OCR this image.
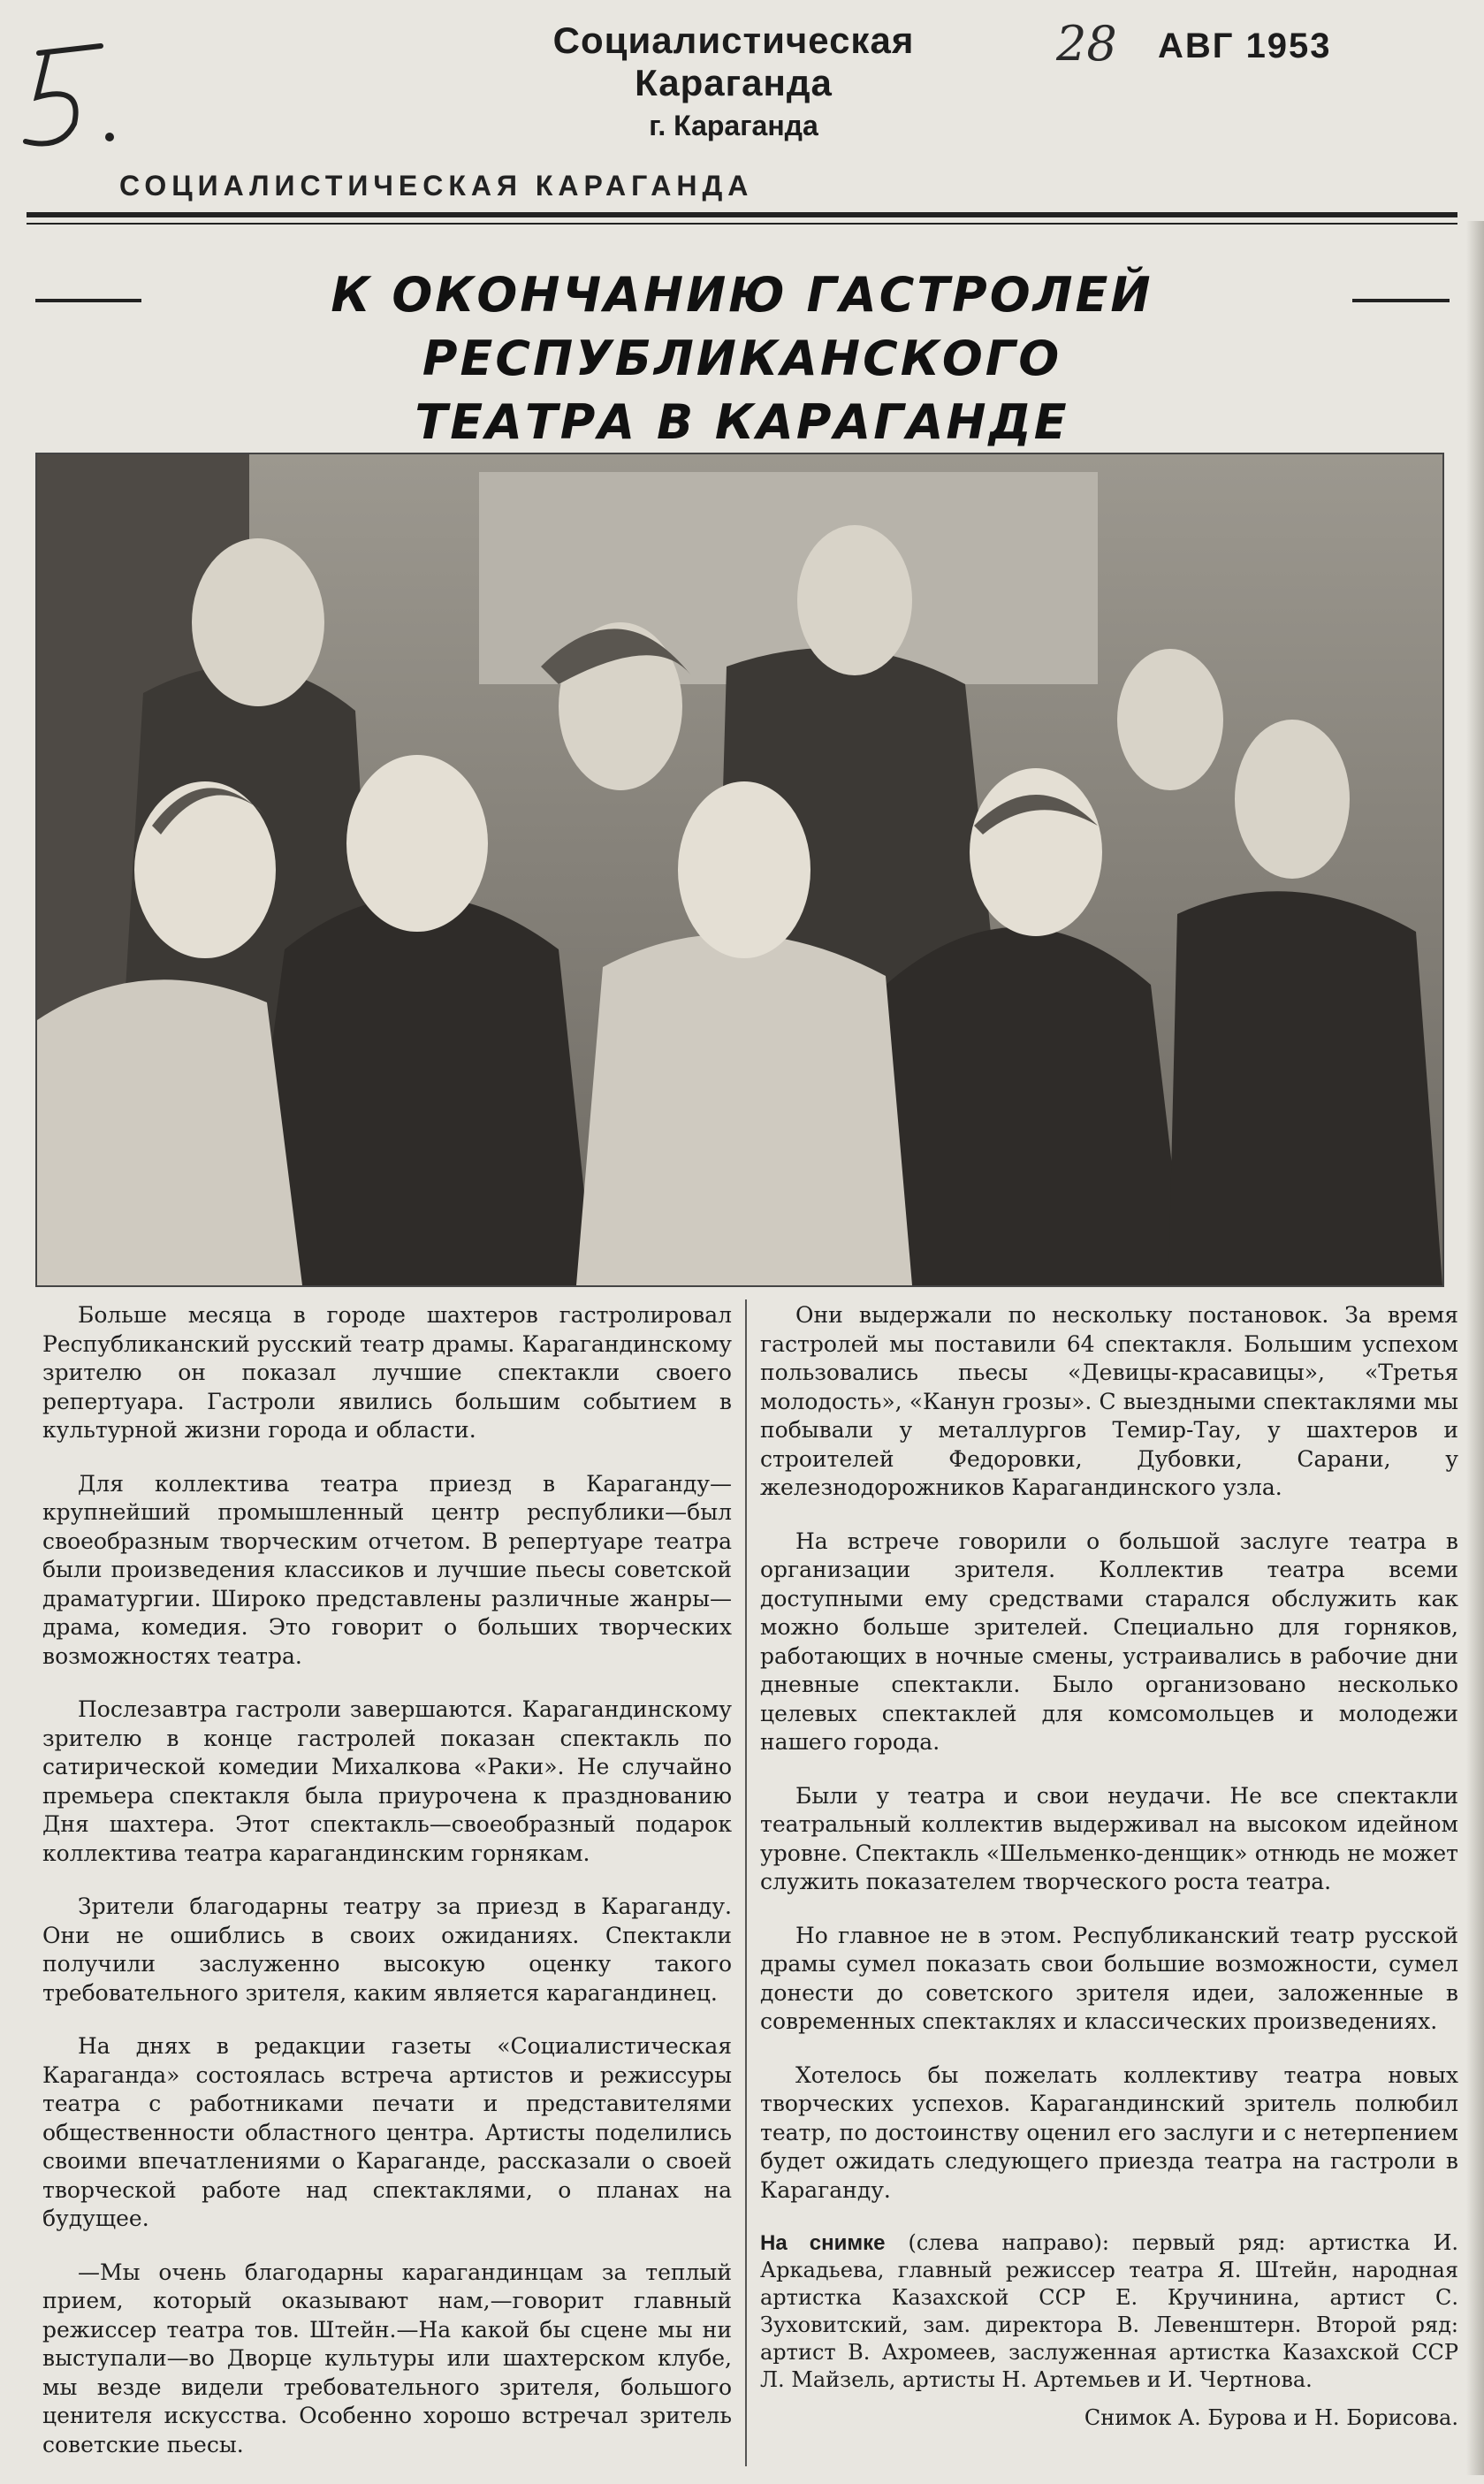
Социалистическая Караганда
г. Караганда
28 АВГ 1953
СОЦИАЛИСТИЧЕСКАЯ КАРАГАНДА
К ОКОНЧАНИЮ ГАСТРОЛЕЙ РЕСПУБЛИКАНСКОГО
ТЕАТРА В КАРАГАНДЕ

Больше месяца в городе шахтеров гастролировал Республиканский русский театр драмы. Карагандинскому зрителю он показал лучшие спектакли своего репертуара. Гастроли явились большим событием в культурной жизни города и области.

Для коллектива театра приезд в Караганду—крупнейший промышленный центр республики—был своеобразным творческим отчетом. В репертуаре театра были произведения классиков и лучшие пьесы советской драматургии. Широко представлены различные жанры—драма, комедия. Это говорит о больших творческих возможностях театра.

Послезавтра гастроли завершаются. Карагандинскому зрителю в конце гастролей показан спектакль по сатирической комедии Михалкова «Раки». Не случайно премьера спектакля была приурочена к празднованию Дня шахтера. Этот спектакль—своеобразный подарок коллектива театра карагандинским горнякам.

Зрители благодарны театру за приезд в Караганду. Они не ошиблись в своих ожиданиях. Спектакли получили заслуженно высокую оценку такого требовательного зрителя, каким является карагандинец.

На днях в редакции газеты «Социалистическая Караганда» состоялась встреча артистов и режиссуры театра с работниками печати и представителями общественности областного центра. Артисты поделились своими впечатлениями о Караганде, рассказали о своей творческой работе над спектаклями, о планах на будущее.

—Мы очень благодарны карагандинцам за теплый прием, который оказывают нам,—говорит главный режиссер театра тов. Штейн.—На какой бы сцене мы ни выступали—во Дворце культуры или шахтерском клубе, мы везде видели требовательного зрителя, большого ценителя искусства. Особенно хорошо встречал зритель советские пьесы.

Они выдержали по нескольку постановок. За время гастролей мы поставили 64 спектакля. Большим успехом пользовались пьесы «Девицы-красавицы», «Третья молодость», «Канун грозы». С выездными спектаклями мы побывали у металлургов Темир-Тау, у шахтеров и строителей Федоровки, Дубовки, Сарани, у железнодорожников Карагандинского узла.

На встрече говорили о большой заслуге театра в организации зрителя. Коллектив театра всеми доступными ему средствами старался обслужить как можно больше зрителей. Специально для горняков, работающих в ночные смены, устраивались в рабочие дни дневные спектакли. Было организовано несколько целевых спектаклей для комсомольцев и молодежи нашего города.

Были у театра и свои неудачи. Не все спектакли театральный коллектив выдерживал на высоком идейном уровне. Спектакль «Шельменко-денщик» отнюдь не может служить показателем творческого роста театра.

Но главное не в этом. Республиканский театр русской драмы сумел показать свои большие возможности, сумел донести до советского зрителя идеи, заложенные в современных спектаклях и классических произведениях.

Хотелось бы пожелать коллективу театра новых творческих успехов. Карагандинский зритель полюбил театр, по достоинству оценил его заслуги и с нетерпением будет ожидать следующего приезда театра на гастроли в Караганду.

На снимке (слева направо): первый ряд: артистка И. Аркадьева, главный режиссер театра Я. Штейн, народная артистка Казахской ССР Е. Кручинина, артист С. Зуховитский, зам. директора В. Левенштерн. Второй ряд: артист В. Ахромеев, заслуженная артистка Казахской ССР Л. Майзель, артисты Н. Артемьев и И. Чертнова.
Снимок А. Бурова и Н. Борисова.
